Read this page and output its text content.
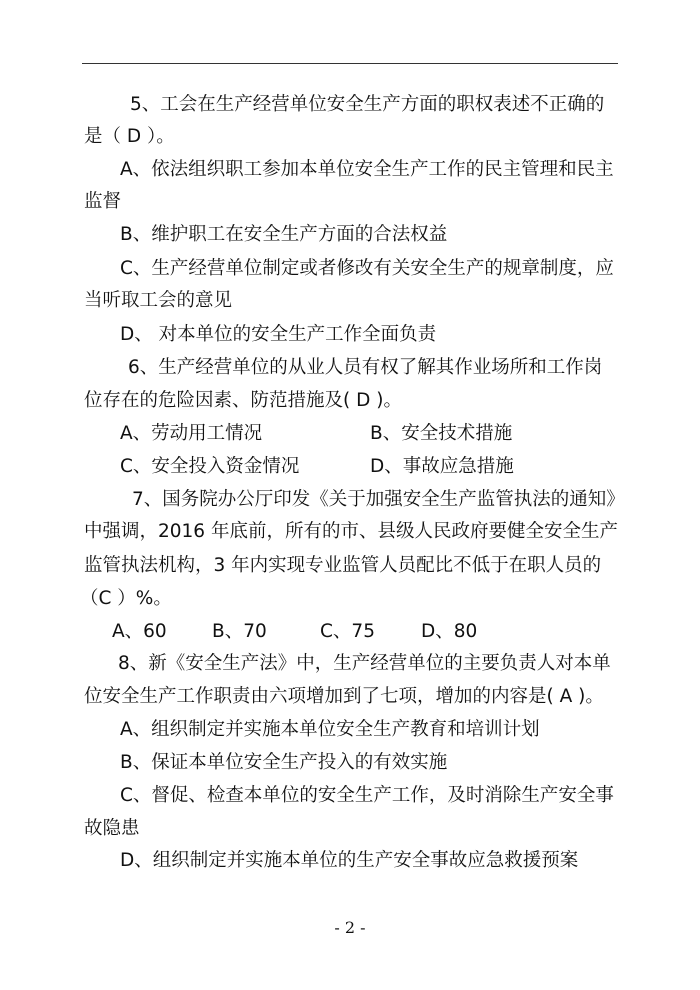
5、工会在生产经营单位安全生产方面的职权表述不正确的

是（ D ）。

A、依法组织职工参加本单位安全生产工作的民主管理和民主

监督

B、维护职工在安全生产方面的合法权益

C、生产经营单位制定或者修改有关安全生产的规章制度，应

当听取工会的意见

D、 对本单位的安全生产工作全面负责

6、生产经营单位的从业人员有权了解其作业场所和工作岗

位存在的危险因素、防范措施及( D )。

A、劳动用工情况	B、安全技术措施

C、安全投入资金情况	D、事故应急措施

7、国务院办公厅印发《关于加强安全生产监管执法的通知》

中强调，2016 年底前，所有的市、县级人民政府要健全安全生产

监管执法机构，3 年内实现专业监管人员配比不低于在职人员的

（C ）%。

A、60 B、70	C、75 D、80

8、新《安全生产法》中，生产经营单位的主要负责人对本单

位安全生产工作职责由六项增加到了七项，增加的内容是( A )。

A、组织制定并实施本单位安全生产教育和培训计划

B、保证本单位安全生产投入的有效实施

C、督促、检查本单位的安全生产工作，及时消除生产安全事

故隐患

D、组织制定并实施本单位的生产安全事故应急救援预案

- 2 -
